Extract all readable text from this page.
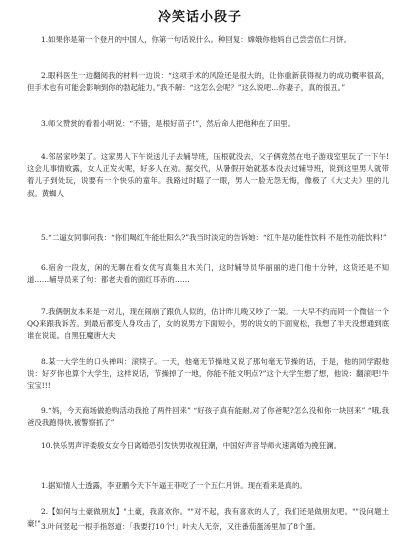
冷笑话小段子
1.如果你是第一个登月的中国人，你第一句话说什么。种回复：嫦娥你他妈自己尝尝伍仁月饼。
2.眼科医生一边翻阅我的材料一边说：“这项手术的风险还是很大的，让你重新获得视力的成功概率很高，但手术也有可能会影响到你的勃起能力。”我不解：“这怎么会呢？”这么说吧…你妻子，真的很丑。”
3.师父赞赏的看着小明说：“不错，是根好苗子!”，然后命人把他种在了田里。
4.邻居家吵架了。这家男人下午说送儿子去辅导班，压根就没去，父子俩竟然在电子游戏室里玩了一下午!这会儿事情败露，女人正发火呢，好多人在劝。据交代，从暑假开始就基本没去过辅导班，说到这里男人就带着儿子到处玩，说要有一个快乐的童年。我路过时瞄了一眼，男人一脸无怨无悔，像极了《大丈夫》里的儿叔。黄蜘人
5.“二逼女同事问我：“你们喝红牛能壮阳么?”我当时淡定的告诉她：“红牛是功能性饮料 不是性功能饮料!”
6.宿舍一段友，闲的无聊在看女优写真集且木关门，这时辅导员华丽丽的进门他十分钟，这货还是不知道……辅导员来了句：都老夫看的面红耳赤的……
7.我俩朝友本来是一对儿，现在闹崩了跟仇人似的，估计昨儿晚又吵了一架。一大早不约而同一个微信一个QQ来跟我诉苦。到最后都变人身攻击了，女的说男方下面短小，男的说女的下面宽松，我想了半天没想通到底谁在说谎。自黑狂魔唐大夫
8.某一大学生的口头禅叫：滚犊子。一天，他毫无节操地又说了那句毫无节操的话，于是，他的同学跟他说：好歹你也算个大学生，这样说话，节操掉了一地，你能不能文明点?”这个大学生想了想，他说：翻滚吧!牛宝宝!!!
9.“妈，今天商场做抢购活动我抢了两件回来” “好孩子真有能耐,对了你爸呢?怎么没和你一块回来” “哦,我爸没我跑得快,被警察抓了”
10.快乐男声评委殷女女今日离婚恐引发快男收视狂潮，中国好声音导师火速离婚为挽狂澜。
1.据知情人士透露，李亚鹏今天下午逼王菲吃了一个五仁月饼。现在看来是真的。
2.【如何与土豪做朋友】"土豪，我喜欢你。""对不起，我有喜欢的人了，我们还是做朋友吧。""没问题土豪!" 3.叶问竖起一根手指怒道：「我要打10个!」叶夫人无奈，又往番茄蛋汤里加了8个蛋。
